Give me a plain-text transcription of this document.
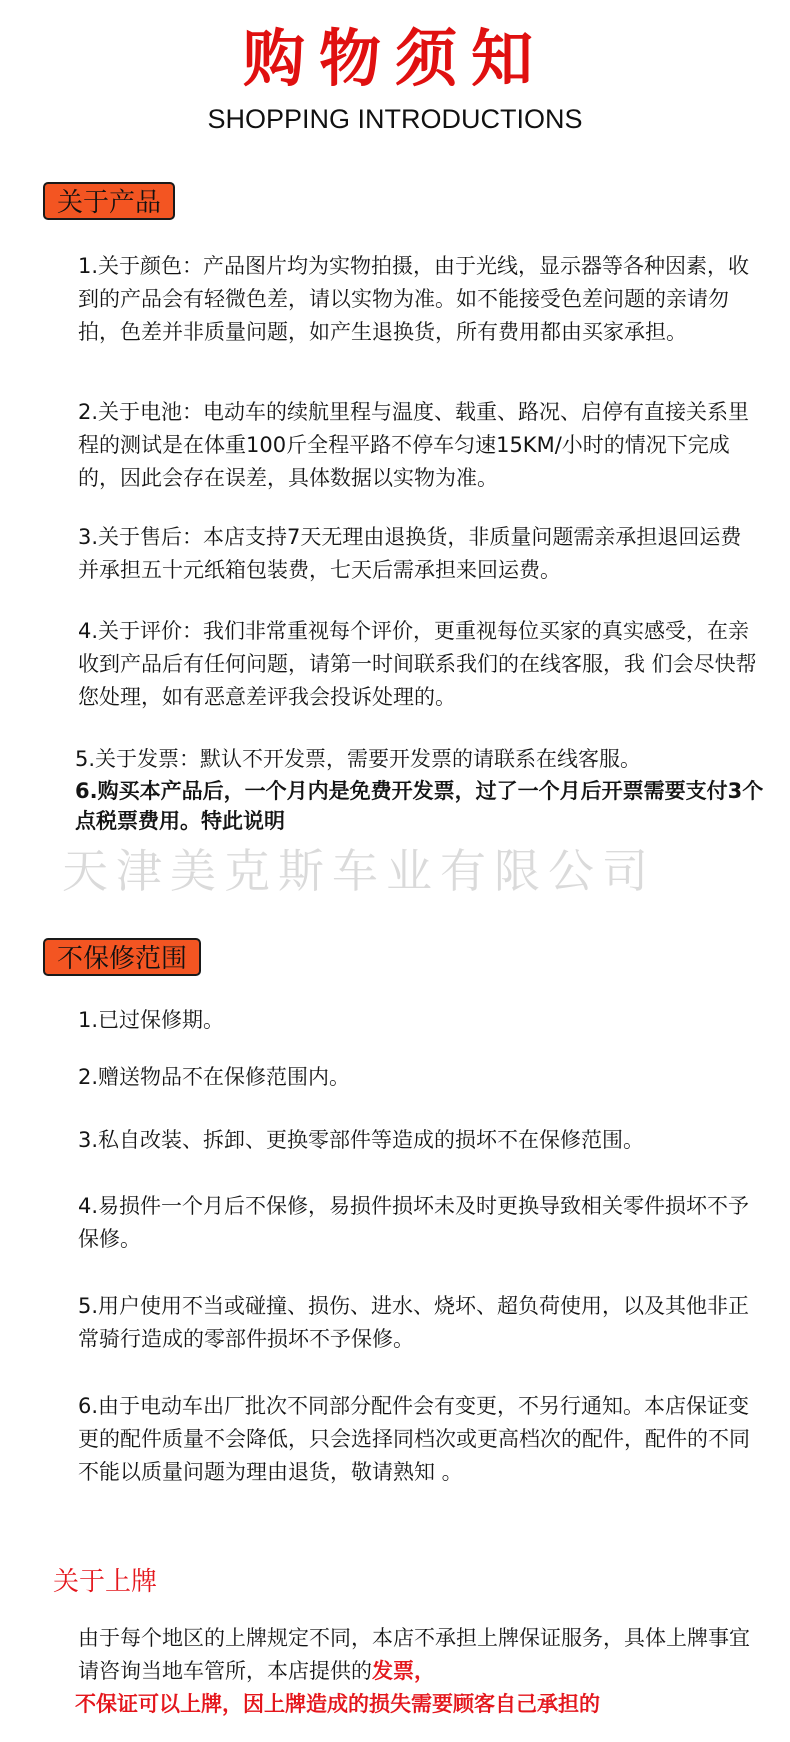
购物须知
SHOPPING INTRODUCTIONS
关于产品
1.关于颜色：产品图片均为实物拍摄，由于光线，显示器等各种因素，收到的产品会有轻微色差，请以实物为准。如不能接受色差问题的亲请勿拍，色差并非质量问题，如产生退换货，所有费用都由买家承担。
2.关于电池：电动车的续航里程与温度、载重、路况、启停有直接关系里程的测试是在体重100斤全程平路不停车匀速15KM/小时的情况下完成的，因此会存在误差，具体数据以实物为准。
3.关于售后：本店支持7天无理由退换货，非质量问题需亲承担退回运费并承担五十元纸箱包装费，七天后需承担来回运费。
4.关于评价：我们非常重视每个评价，更重视每位买家的真实感受，在亲收到产品后有任何问题，请第一时间联系我们的在线客服，我 们会尽快帮您处理，如有恶意差评我会投诉处理的。
5.关于发票：默认不开发票，需要开发票的请联系在线客服。
天津美克斯车业有限公司
6.购买本产品后，一个月内是免费开发票，过了一个月后开票需要支付3个点税票费用。特此说明
不保修范围
1.已过保修期。
2.赠送物品不在保修范围内。
3.私自改装、拆卸、更换零部件等造成的损坏不在保修范围。
4.易损件一个月后不保修，易损件损坏未及时更换导致相关零件损坏不予保修。
5.用户使用不当或碰撞、损伤、进水、烧坏、超负荷使用，以及其他非正常骑行造成的零部件损坏不予保修。
6.由于电动车出厂批次不同部分配件会有变更，不另行通知。本店保证变更的配件质量不会降低，只会选择同档次或更高档次的配件，配件的不同不能以质量问题为理由退货，敬请熟知 。
关于上牌
由于每个地区的上牌规定不同，本店不承担上牌保证服务，具体上牌事宜请咨询当地车管所，本店提供的发票，
不保证可以上牌，因上牌造成的损失需要顾客自己承担的
